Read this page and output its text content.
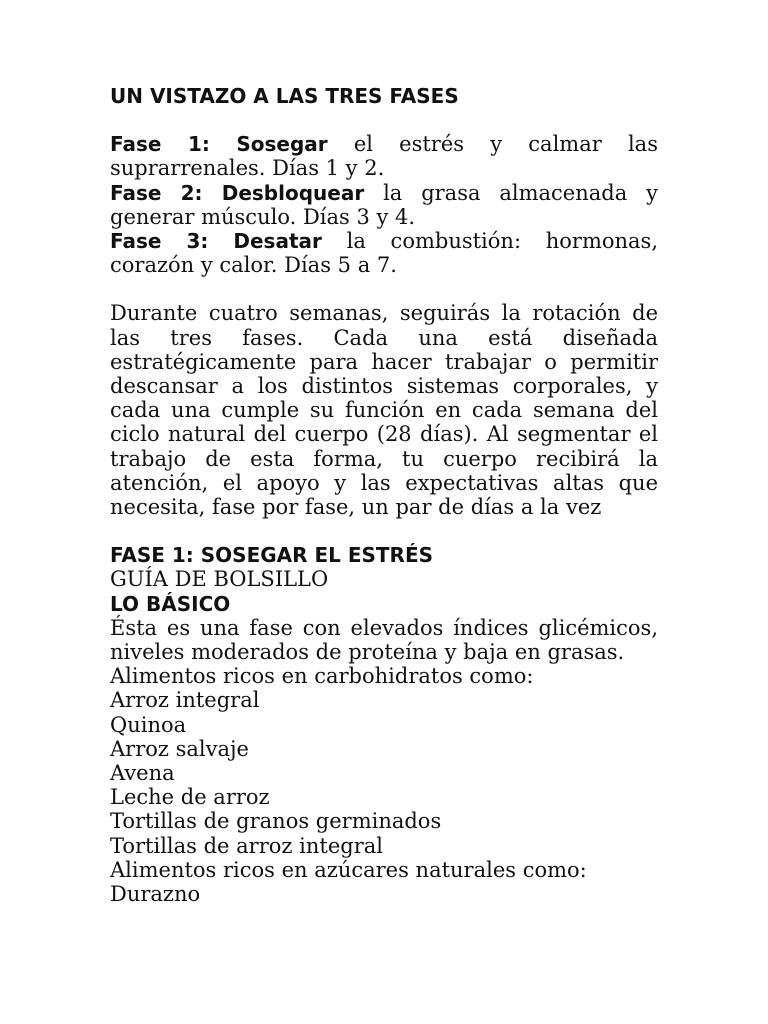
UN VISTAZO A LAS TRES FASES

Fase 1: Sosegar el estrés y calmar las suprarrenales. Días 1 y 2.

Fase 2: Desbloquear la grasa almacenada y generar músculo. Días 3 y 4.

Fase 3: Desatar la combustión: hormonas, corazón y calor. Días 5 a 7.

Durante cuatro semanas, seguirás la rotación de las tres fases. Cada una está diseñada estratégicamente para hacer trabajar o permitir descansar a los distintos sistemas corporales, y cada una cumple su función en cada semana del ciclo natural del cuerpo (28 días). Al segmentar el trabajo de esta forma, tu cuerpo recibirá la atención, el apoyo y las expectativas altas que necesita, fase por fase, un par de días a la vez

FASE 1: SOSEGAR EL ESTRÉS

GUÍA DE BOLSILLO

LO BÁSICO

Ésta es una fase con elevados índices glicémicos, niveles moderados de proteína y baja en grasas.

Alimentos ricos en carbohidratos como:

Arroz integral

Quinoa

Arroz salvaje

Avena

Leche de arroz

Tortillas de granos germinados

Tortillas de arroz integral

Alimentos ricos en azúcares naturales como:

Durazno
